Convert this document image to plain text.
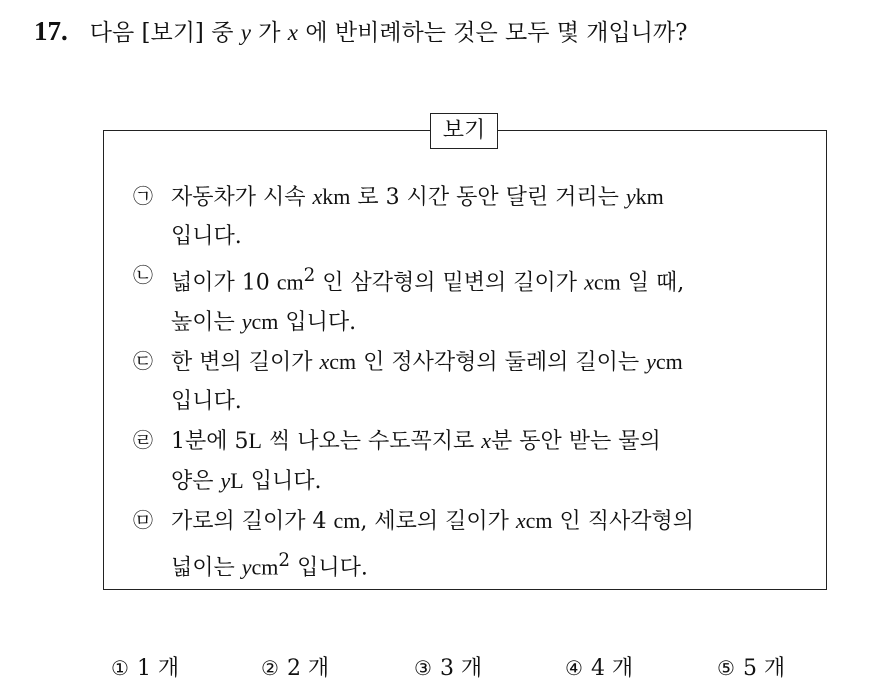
17. 다음 [보기] 중 y 가 x 에 반비례하는 것은 모두 몇 개입니까?
보기
㉠ 자동차가 시속 xkm 로 3 시간 동안 달린 거리는 ykm
입니다.
㉡ 넓이가 10 $cm^2$ 인 삼각형의 밑변의 길이가 xcm 일 때,
높이는 ycm 입니다.
㉢ 한 변의 길이가 xcm 인 정사각형의 둘레의 길이는 ycm
입니다.
㉣ 1분에 5L 씩 나오는 수도꼭지로 x분 동안 받는 물의
양은 yL 입니다.
㉤ 가로의 길이가 4 cm, 세로의 길이가 xcm 인 직사각형의
넓이는 ycm$^2$ 입니다.
① 1 개	② 2 개	③ 3 개	④ 4 개	⑤ 5 개
